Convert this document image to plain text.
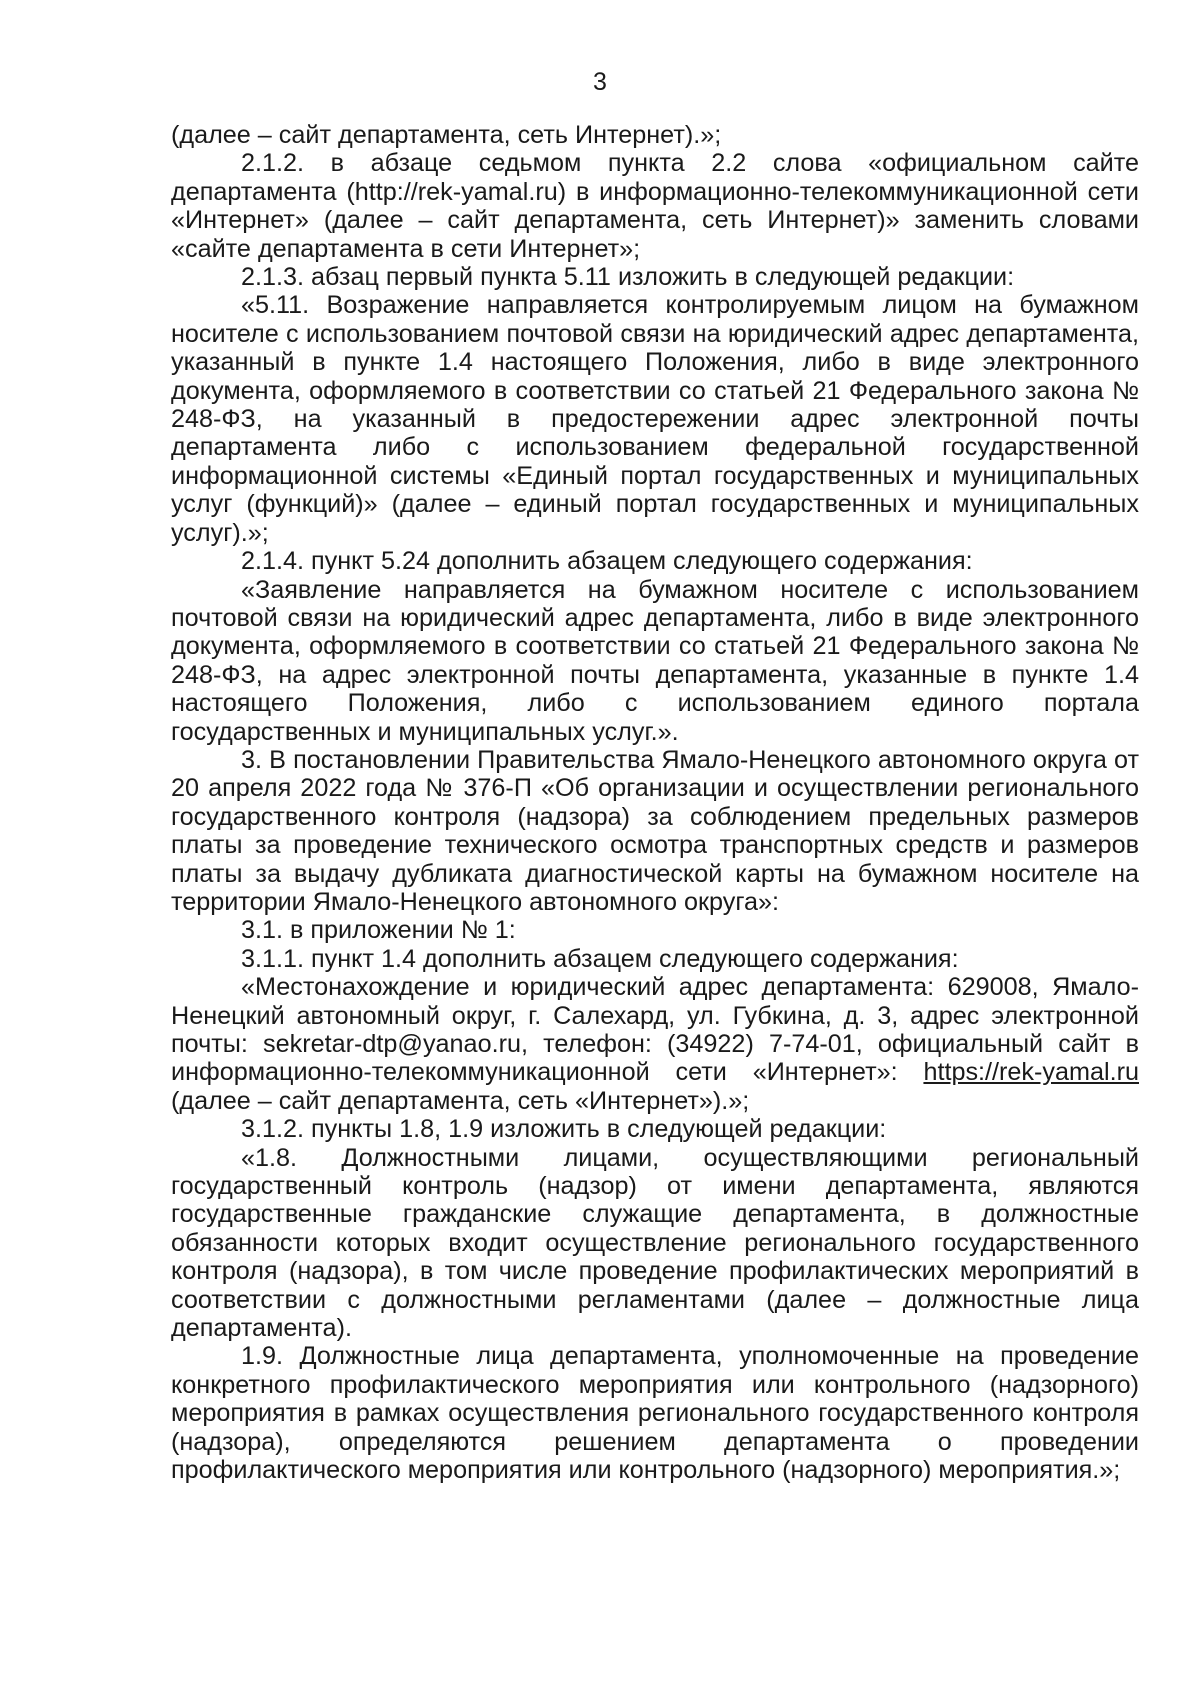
3

(далее – сайт департамента, сеть Интернет).»;

2.1.2. в абзаце седьмом пункта 2.2 слова «официальном сайте департамента (http://rek-yamal.ru) в информационно-телекоммуникационной сети «Интернет» (далее – сайт департамента, сеть Интернет)» заменить словами «сайте департамента в сети Интернет»;

2.1.3. абзац первый пункта 5.11 изложить в следующей редакции:

«5.11. Возражение направляется контролируемым лицом на бумажном носителе с использованием почтовой связи на юридический адрес департамента, указанный в пункте 1.4 настоящего Положения, либо в виде электронного документа, оформляемого в соответствии со статьей 21 Федерального закона № 248-ФЗ, на указанный в предостережении адрес электронной почты департамента либо с использованием федеральной государственной информационной системы «Единый портал государственных и муниципальных услуг (функций)» (далее – единый портал государственных и муниципальных услуг).»;

2.1.4. пункт 5.24 дополнить абзацем следующего содержания:

«Заявление направляется на бумажном носителе с использованием почтовой связи на юридический адрес департамента, либо в виде электронного документа, оформляемого в соответствии со статьей 21 Федерального закона № 248-ФЗ, на адрес электронной почты департамента, указанные в пункте 1.4 настоящего Положения, либо с использованием единого портала государственных и муниципальных услуг.».

3. В постановлении Правительства Ямало-Ненецкого автономного округа от 20 апреля 2022 года № 376-П «Об организации и осуществлении регионального государственного контроля (надзора) за соблюдением предельных размеров платы за проведение технического осмотра транспортных средств и размеров платы за выдачу дубликата диагностической карты на бумажном носителе на территории Ямало-Ненецкого автономного округа»:

3.1. в приложении № 1:

3.1.1. пункт 1.4 дополнить абзацем следующего содержания:

«Местонахождение и юридический адрес департамента: 629008, Ямало-Ненецкий автономный округ, г. Салехард, ул. Губкина, д. 3, адрес электронной почты: sekretar-dtp@yanao.ru, телефон: (34922) 7-74-01, официальный сайт в информационно-телекоммуникационной сети «Интернет»: https://rek-yamal.ru (далее – сайт департамента, сеть «Интернет»).»;

3.1.2. пункты 1.8, 1.9 изложить в следующей редакции:

«1.8. Должностными лицами, осуществляющими региональный государственный контроль (надзор) от имени департамента, являются государственные гражданские служащие департамента, в должностные обязанности которых входит осуществление регионального государственного контроля (надзора), в том числе проведение профилактических мероприятий в соответствии с должностными регламентами (далее – должностные лица департамента).

1.9. Должностные лица департамента, уполномоченные на проведение конкретного профилактического мероприятия или контрольного (надзорного) мероприятия в рамках осуществления регионального государственного контроля (надзора), определяются решением департамента о проведении профилактического мероприятия или контрольного (надзорного) мероприятия.»;
